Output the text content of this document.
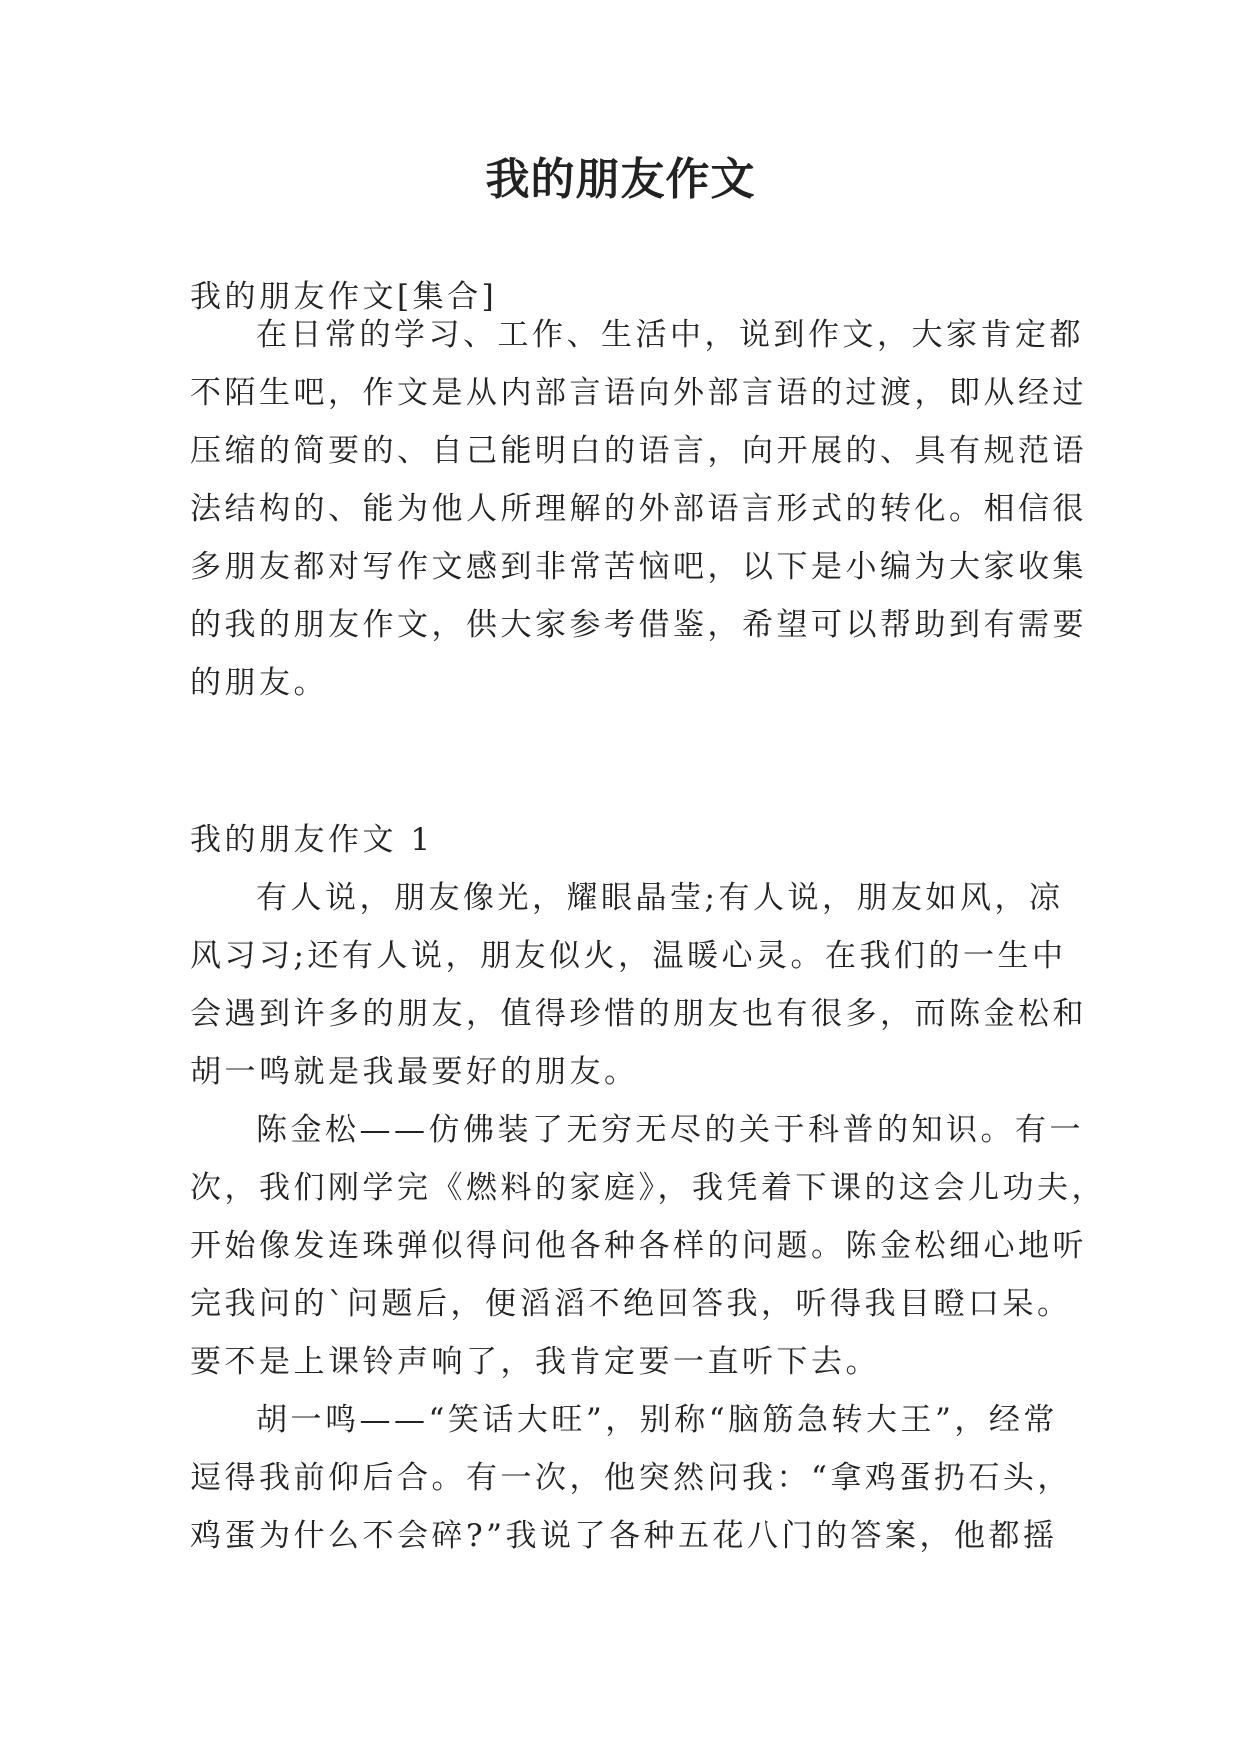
我的朋友作文

我的朋友作文[集合]

在日常的学习、工作、生活中，说到作文，大家肯定都
不陌生吧，作文是从内部言语向外部言语的过渡，即从经过
压缩的简要的、自己能明白的语言，向开展的、具有规范语
法结构的、能为他人所理解的外部语言形式的转化。相信很
多朋友都对写作文感到非常苦恼吧，以下是小编为大家收集
的我的朋友作文，供大家参考借鉴，希望可以帮助到有需要
的朋友。

我的朋友作文 1

有人说，朋友像光，耀眼晶莹;有人说，朋友如风，凉
风习习;还有人说，朋友似火，温暖心灵。在我们的一生中
会遇到许多的朋友，值得珍惜的朋友也有很多，而陈金松和
胡一鸣就是我最要好的朋友。
陈金松——仿佛装了无穷无尽的关于科普的知识。有一
次，我们刚学完《燃料的家庭》，我凭着下课的这会儿功夫，
开始像发连珠弹似得问他各种各样的问题。陈金松细心地听
完我问的`问题后，便滔滔不绝回答我，听得我目瞪口呆。
要不是上课铃声响了，我肯定要一直听下去。
胡一鸣——“笑话大旺”，别称“脑筋急转大王”，经常
逗得我前仰后合。有一次，他突然问我：“拿鸡蛋扔石头，
鸡蛋为什么不会碎?”我说了各种五花八门的答案，他都摇
